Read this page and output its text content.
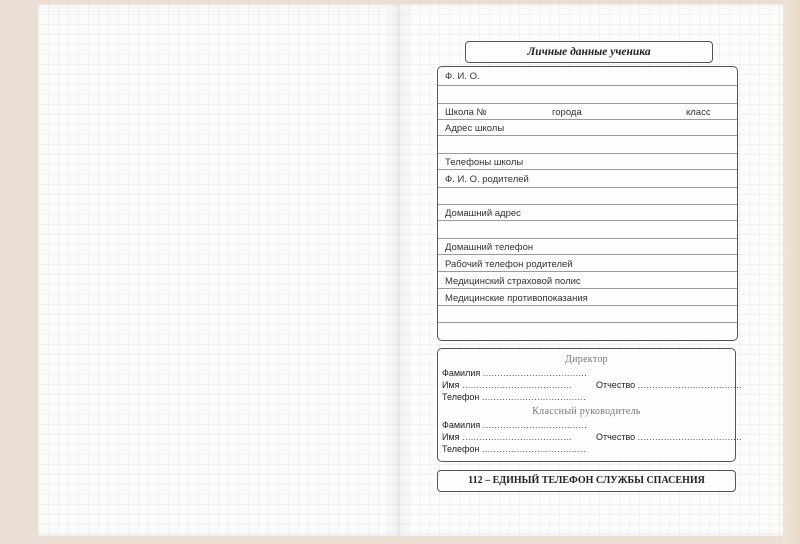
Личные данные ученика
Ф. И. О.
Школа №	города	класс
Адрес школы
Телефоны школы
Ф. И. О. родителей
Домашний адрес
Домашний телефон
Рабочий телефон родителей
Медицинский страховой полис
Медицинские противопоказания
Директор
Фамилия ....................................
Имя ......................................	Отчество ....................................
Телефон ....................................
Классный руководитель
Фамилия ....................................
Имя ......................................	Отчество ....................................
Телефон ....................................
112 – ЕДИНЫЙ ТЕЛЕФОН СЛУЖБЫ СПАСЕНИЯ
